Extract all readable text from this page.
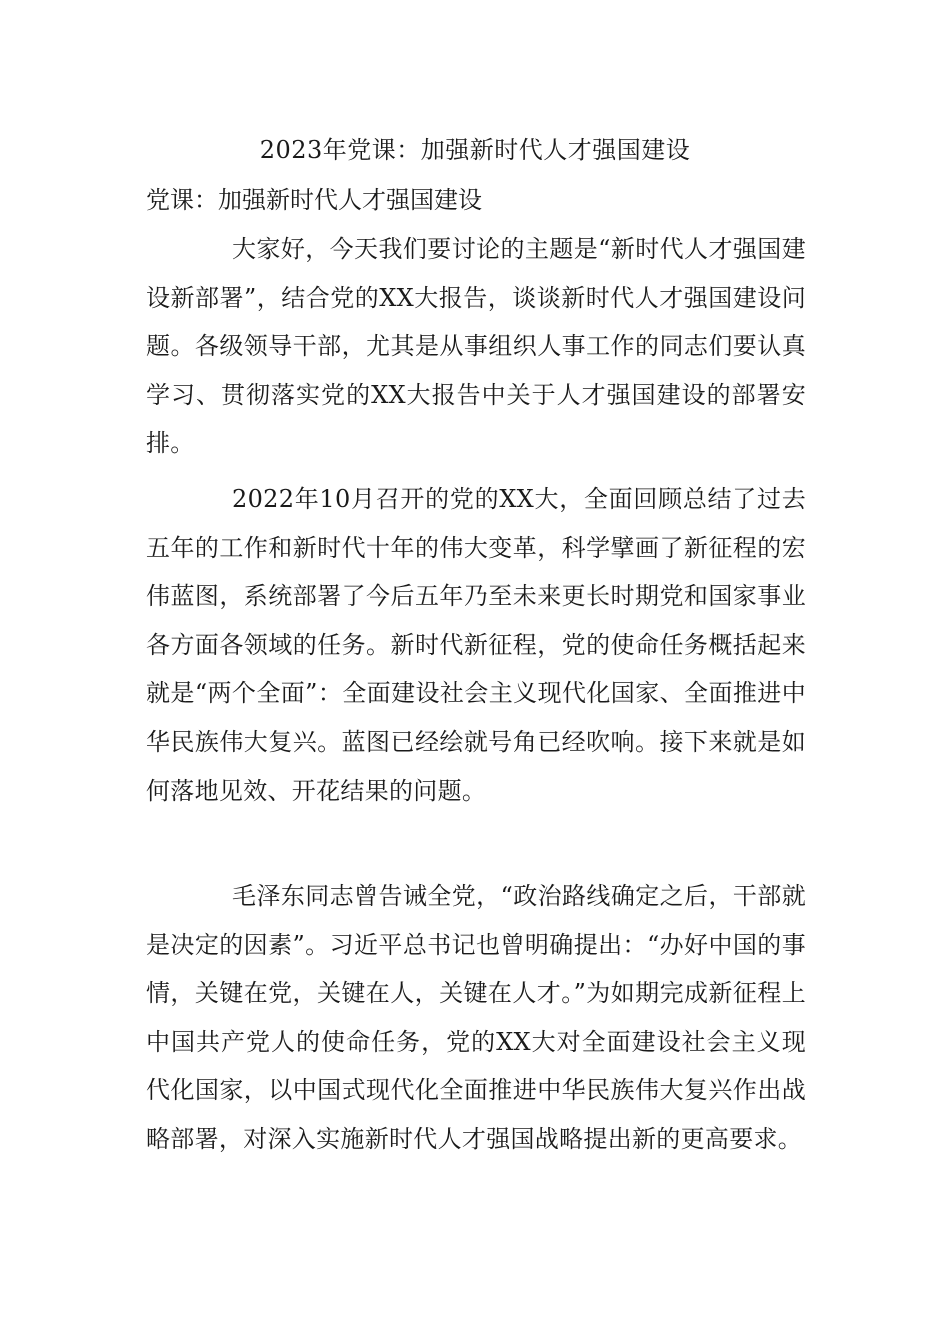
2023年党课：加强新时代人才强国建设
党课：加强新时代人才强国建设

大家好，今天我们要讨论的主题是“新时代人才强国建设新部署”，结合党的XX大报告，谈谈新时代人才强国建设问题。各级领导干部，尤其是从事组织人事工作的同志们要认真学习、贯彻落实党的XX大报告中关于人才强国建设的部署安排。

2022年10月召开的党的XX大，全面回顾总结了过去五年的工作和新时代十年的伟大变革，科学擘画了新征程的宏伟蓝图，系统部署了今后五年乃至未来更长时期党和国家事业各方面各领域的任务。新时代新征程，党的使命任务概括起来就是“两个全面”：全面建设社会主义现代化国家、全面推进中华民族伟大复兴。蓝图已经绘就号角已经吹响。接下来就是如何落地见效、开花结果的问题。

毛泽东同志曾告诫全党，“政治路线确定之后，干部就是决定的因素”。习近平总书记也曾明确提出：“办好中国的事情，关键在党，关键在人，关键在人才。”为如期完成新征程上中国共产党人的使命任务，党的XX大对全面建设社会主义现代化国家，以中国式现代化全面推进中华民族伟大复兴作出战略部署，对深入实施新时代人才强国战略提出新的更高要求。
